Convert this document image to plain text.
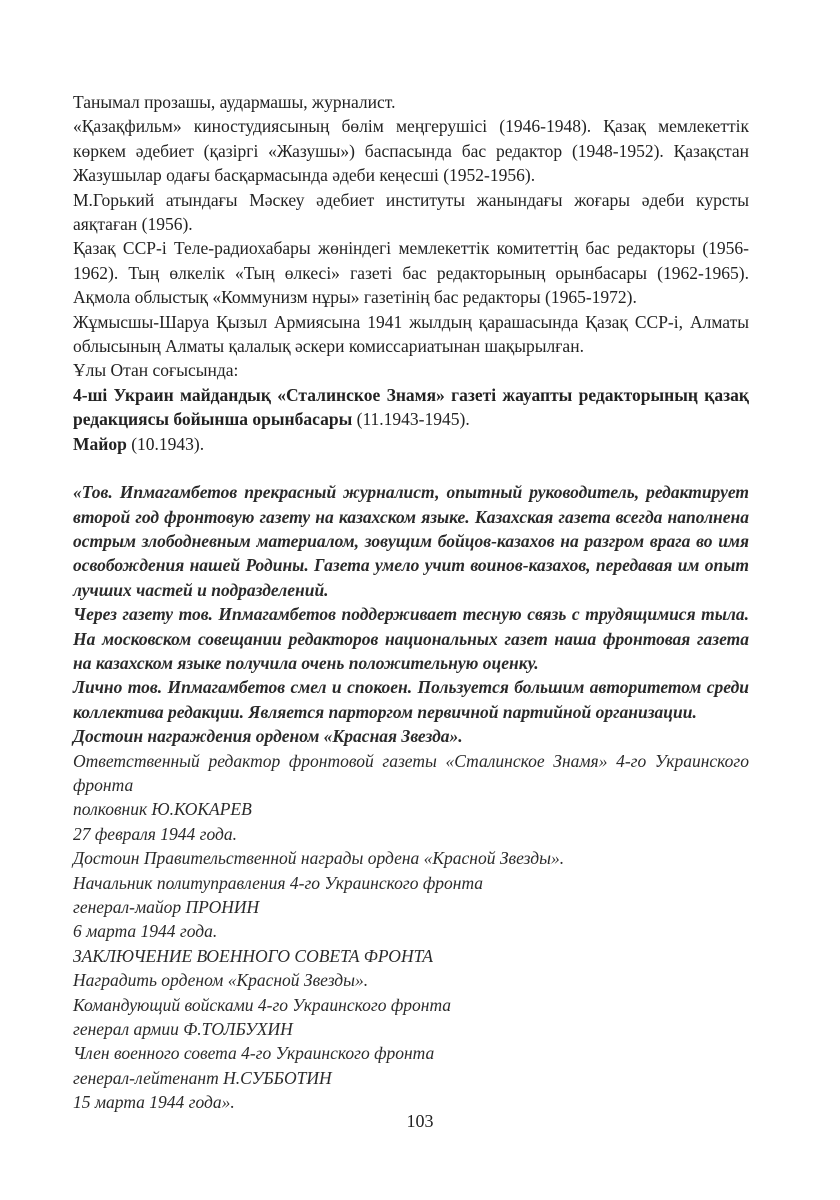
Танымал прозашы, аудармашы, журналист.

«Қазақфильм» киностудиясының бөлім меңгерушісі (1946-1948). Қазақ мемлекеттік көркем әдебиет (қазіргі «Жазушы») баспасында бас редактор (1948-1952). Қазақстан Жазушылар одағы басқармасында әдеби кеңесші (1952-1956).

М.Горький атындағы Мәскеу әдебиет институты жанындағы жоғары әдеби курсты аяқтаған (1956).

Қазақ ССР-і Теле-радиохабары жөніндегі мемлекеттік комитеттің бас редакторы (1956-1962). Тың өлкелік «Тың өлкесі» газеті бас редакторының орынбасары (1962-1965). Ақмола облыстық «Коммунизм нұры» газетінің бас редакторы (1965-1972).

Жұмысшы-Шаруа Қызыл Армиясына 1941 жылдың қарашасында Қазақ ССР-і, Алматы облысының Алматы қалалық әскери комиссариатынан шақырылған.

Ұлы Отан соғысында:

4-ші Украин майдандық «Сталинское Знамя» газеті жауапты редакторының қазақ редакциясы бойынша орынбасары (11.1943-1945).

Майор (10.1943).

«Тов. Ипмагамбетов прекрасный журналист, опытный руководитель, редактирует второй год фронтовую газету на казахском языке. Казахская газета всегда наполнена острым злободневным материалом, зовущим бойцов-казахов на разгром врага во имя освобождения нашей Родины. Газета умело учит воинов-казахов, передавая им опыт лучших частей и подразделений.

Через газету тов. Ипмагамбетов поддерживает тесную связь с трудящимися тыла. На московском совещании редакторов национальных газет наша фронтовая газета на казахском языке получила очень положительную оценку.

Лично тов. Ипмагамбетов смел и спокоен. Пользуется большим авторитетом среди коллектива редакции. Является парторгом первичной партийной организации.

Достоин награждения орденом «Красная Звезда».

Ответственный редактор фронтовой газеты «Сталинское Знамя» 4-го Украинского фронта

полковник Ю.КОКАРЕВ

27 февраля 1944 года.

Достоин Правительственной награды ордена «Красной Звезды».

Начальник политуправления 4-го Украинского фронта

генерал-майор ПРОНИН

6 марта 1944 года.

ЗАКЛЮЧЕНИЕ ВОЕННОГО СОВЕТА ФРОНТА

Наградить орденом «Красной Звезды».

Командующий войсками 4-го Украинского фронта

генерал армии Ф.ТОЛБУХИН

Член военного совета 4-го Украинского фронта

генерал-лейтенант Н.СУББОТИН

15 марта 1944 года».

103
